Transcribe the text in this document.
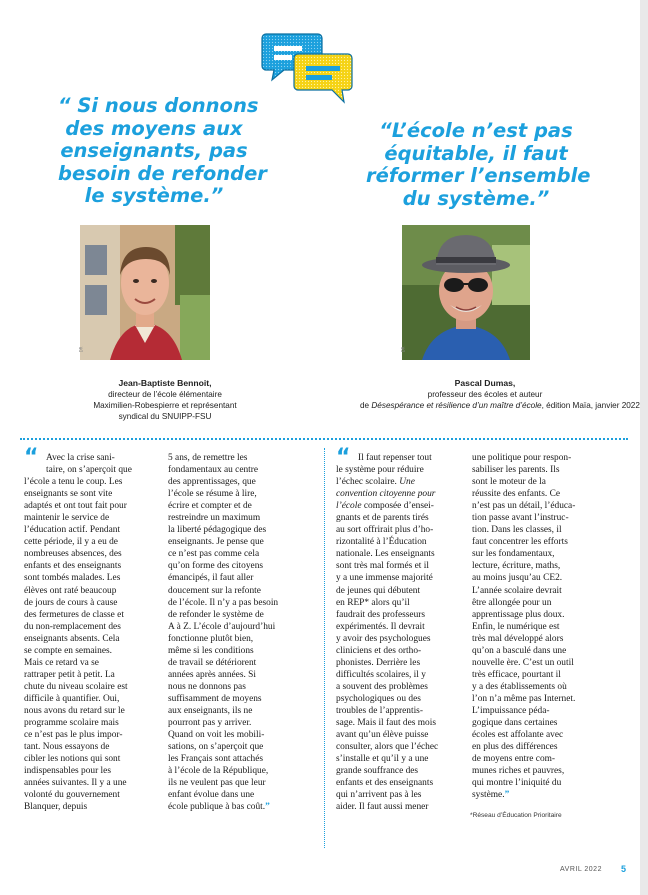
“ Si nous donnons
des moyens aux
enseignants, pas
besoin de refonder
le système.”
“L’école n’est pas
équitable, il faut
réformer l’ensemble
du système.”
DR	DR
Jean-Baptiste Bennoit,
directeur de l’école élémentaire
Maximilien-Robespierre et représentant
syndical du SNUIPP-FSU
Pascal Dumas,
professeur des écoles et auteur
de Désespérance et résilience d’un maître d’école, édition Maïa, janvier 2022
“ Avec la crise sani-
taire, on s’aperçoit que
l’école a tenu le coup. Les
enseignants se sont vite
adaptés et ont tout fait pour
maintenir le service de
l’éducation actif. Pendant
cette période, il y a eu de
nombreuses absences, des
enfants et des enseignants
sont tombés malades. Les
élèves ont raté beaucoup
de jours de cours à cause
des fermetures de classe et
du non-remplacement des
enseignants absents. Cela
se compte en semaines.
Mais ce retard va se
rattraper petit à petit. La
chute du niveau scolaire est
difficile à quantifier. Oui,
nous avons du retard sur le
programme scolaire mais
ce n’est pas le plus impor-
tant. Nous essayons de
cibler les notions qui sont
indispensables pour les
années suivantes. Il y a une
volonté du gouvernement
Blanquer, depuis
5 ans, de remettre les
fondamentaux au centre
des apprentissages, que
l’école se résume à lire,
écrire et compter et de
restreindre un maximum
la liberté pédagogique des
enseignants. Je pense que
ce n’est pas comme cela
qu’on forme des citoyens
émancipés, il faut aller
doucement sur la refonte
de l’école. Il n’y a pas besoin
de refonder le système de
A à Z. L’école d’aujourd’hui
fonctionne plutôt bien,
même si les conditions
de travail se détériorent
années après années. Si
nous ne donnons pas
suffisamment de moyens
aux enseignants, ils ne
pourront pas y arriver.
Quand on voit les mobili-
sations, on s’aperçoit que
les Français sont attachés
à l’école de la République,
ils ne veulent pas que leur
enfant évolue dans une
école publique à bas coût.”
“ Il faut repenser tout
le système pour réduire
l’échec scolaire. Une
convention citoyenne pour
l’école composée d’ensei-
gnants et de parents tirés
au sort offrirait plus d’ho-
rizontalité à l’Éducation
nationale. Les enseignants
sont très mal formés et il
y a une immense majorité
de jeunes qui débutent
en REP* alors qu’il
faudrait des professeurs
expérimentés. Il devrait
y avoir des psychologues
cliniciens et des ortho-
phonistes. Derrière les
difficultés scolaires, il y
a souvent des problèmes
psychologiques ou des
troubles de l’apprentis-
sage. Mais il faut des mois
avant qu’un élève puisse
consulter, alors que l’échec
s’installe et qu’il y a une
grande souffrance des
enfants et des enseignants
qui n’arrivent pas à les
aider. Il faut aussi mener
une politique pour respon-
sabiliser les parents. Ils
sont le moteur de la
réussite des enfants. Ce
n’est pas un détail, l’éduca-
tion passe avant l’instruc-
tion. Dans les classes, il
faut concentrer les efforts
sur les fondamentaux,
lecture, écriture, maths,
au moins jusqu’au CE2.
L’année scolaire devrait
être allongée pour un
apprentissage plus doux.
Enfin, le numérique est
très mal développé alors
qu’on a basculé dans une
nouvelle ère. C’est un outil
très efficace, pourtant il
y a des établissements où
l’on n’a même pas Internet.
L’impuissance péda-
gogique dans certaines
écoles est affolante avec
en plus des différences
de moyens entre com-
munes riches et pauvres,
qui montre l’iniquité du
système.”
*Réseau d’Éducation Prioritaire
AVRIL 2022 5
